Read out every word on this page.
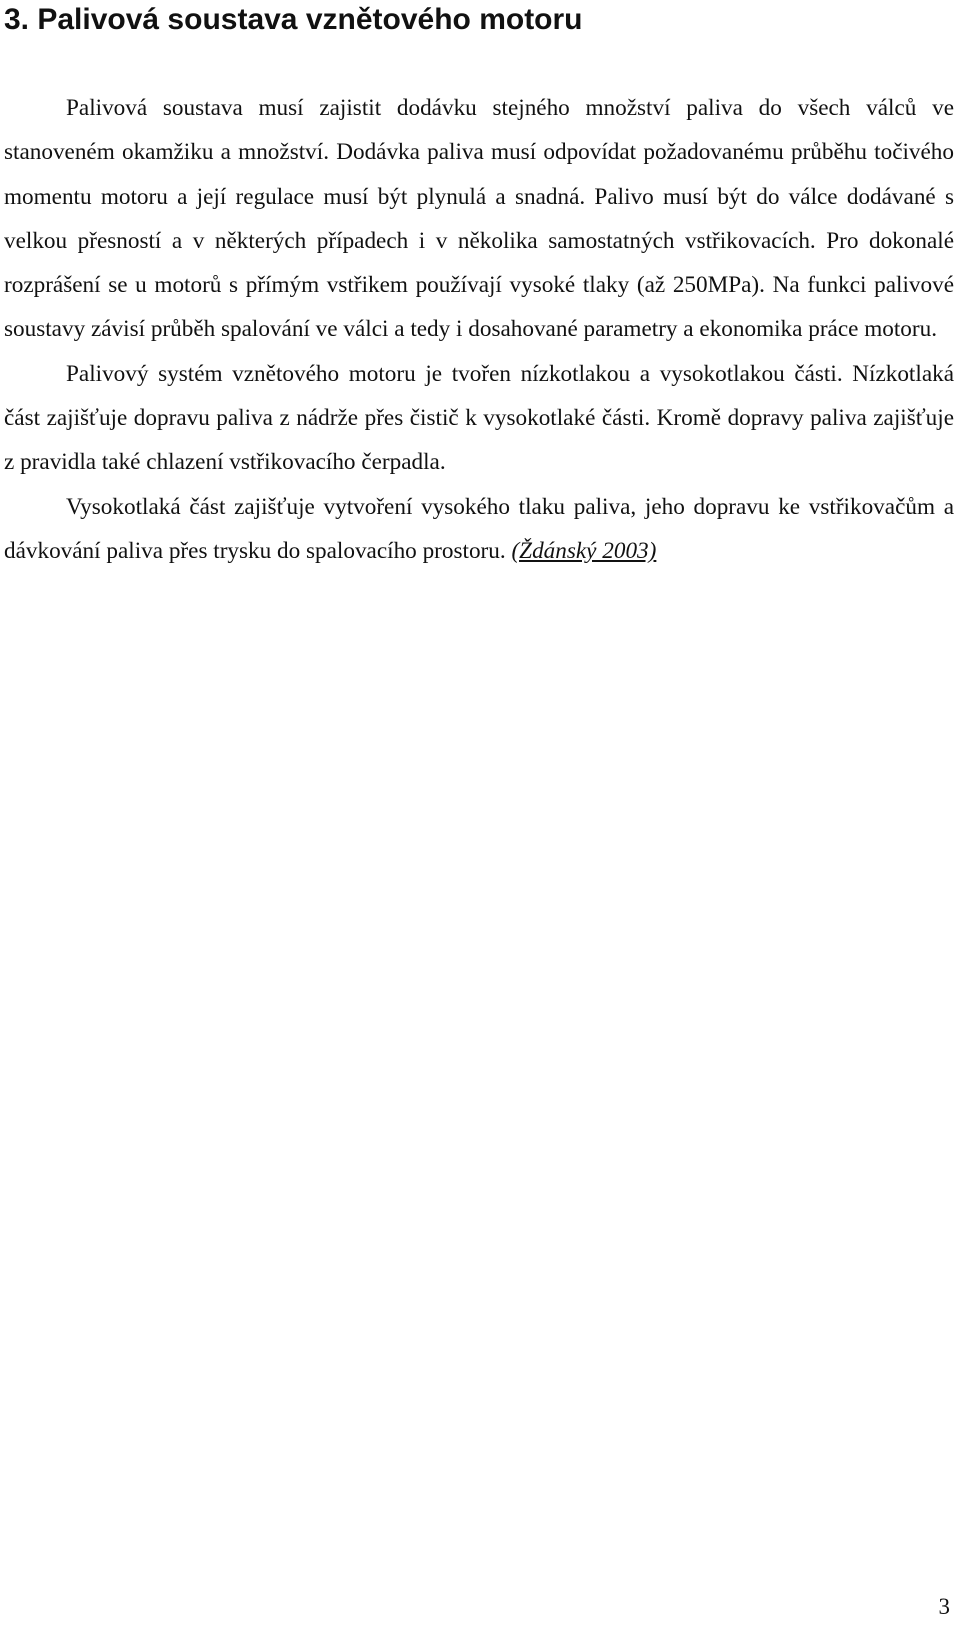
3. Palivová soustava vznětového motoru

Palivová soustava musí zajistit dodávku stejného množství paliva do všech válců ve stanoveném okamžiku a množství. Dodávka paliva musí odpovídat požadovanému průběhu točivého momentu motoru a její regulace musí být plynulá a snadná. Palivo musí být do válce dodávané s velkou přesností a v některých případech i v několika samostatných vstřikovacích. Pro dokonalé rozprášení se u motorů s přímým vstřikem používají vysoké tlaky (až 250MPa). Na funkci palivové soustavy závisí průběh spalování ve válci a tedy i dosahované parametry a ekonomika práce motoru.

Palivový systém vznětového motoru je tvořen nízkotlakou a vysokotlakou části. Nízkotlaká část zajišťuje dopravu paliva z nádrže přes čistič k vysokotlaké části. Kromě dopravy paliva zajišťuje z pravidla také chlazení vstřikovacího čerpadla.

Vysokotlaká část zajišťuje vytvoření vysokého tlaku paliva, jeho dopravu ke vstřikovačům a dávkování paliva přes trysku do spalovacího prostoru. (Ždánský 2003)

3
